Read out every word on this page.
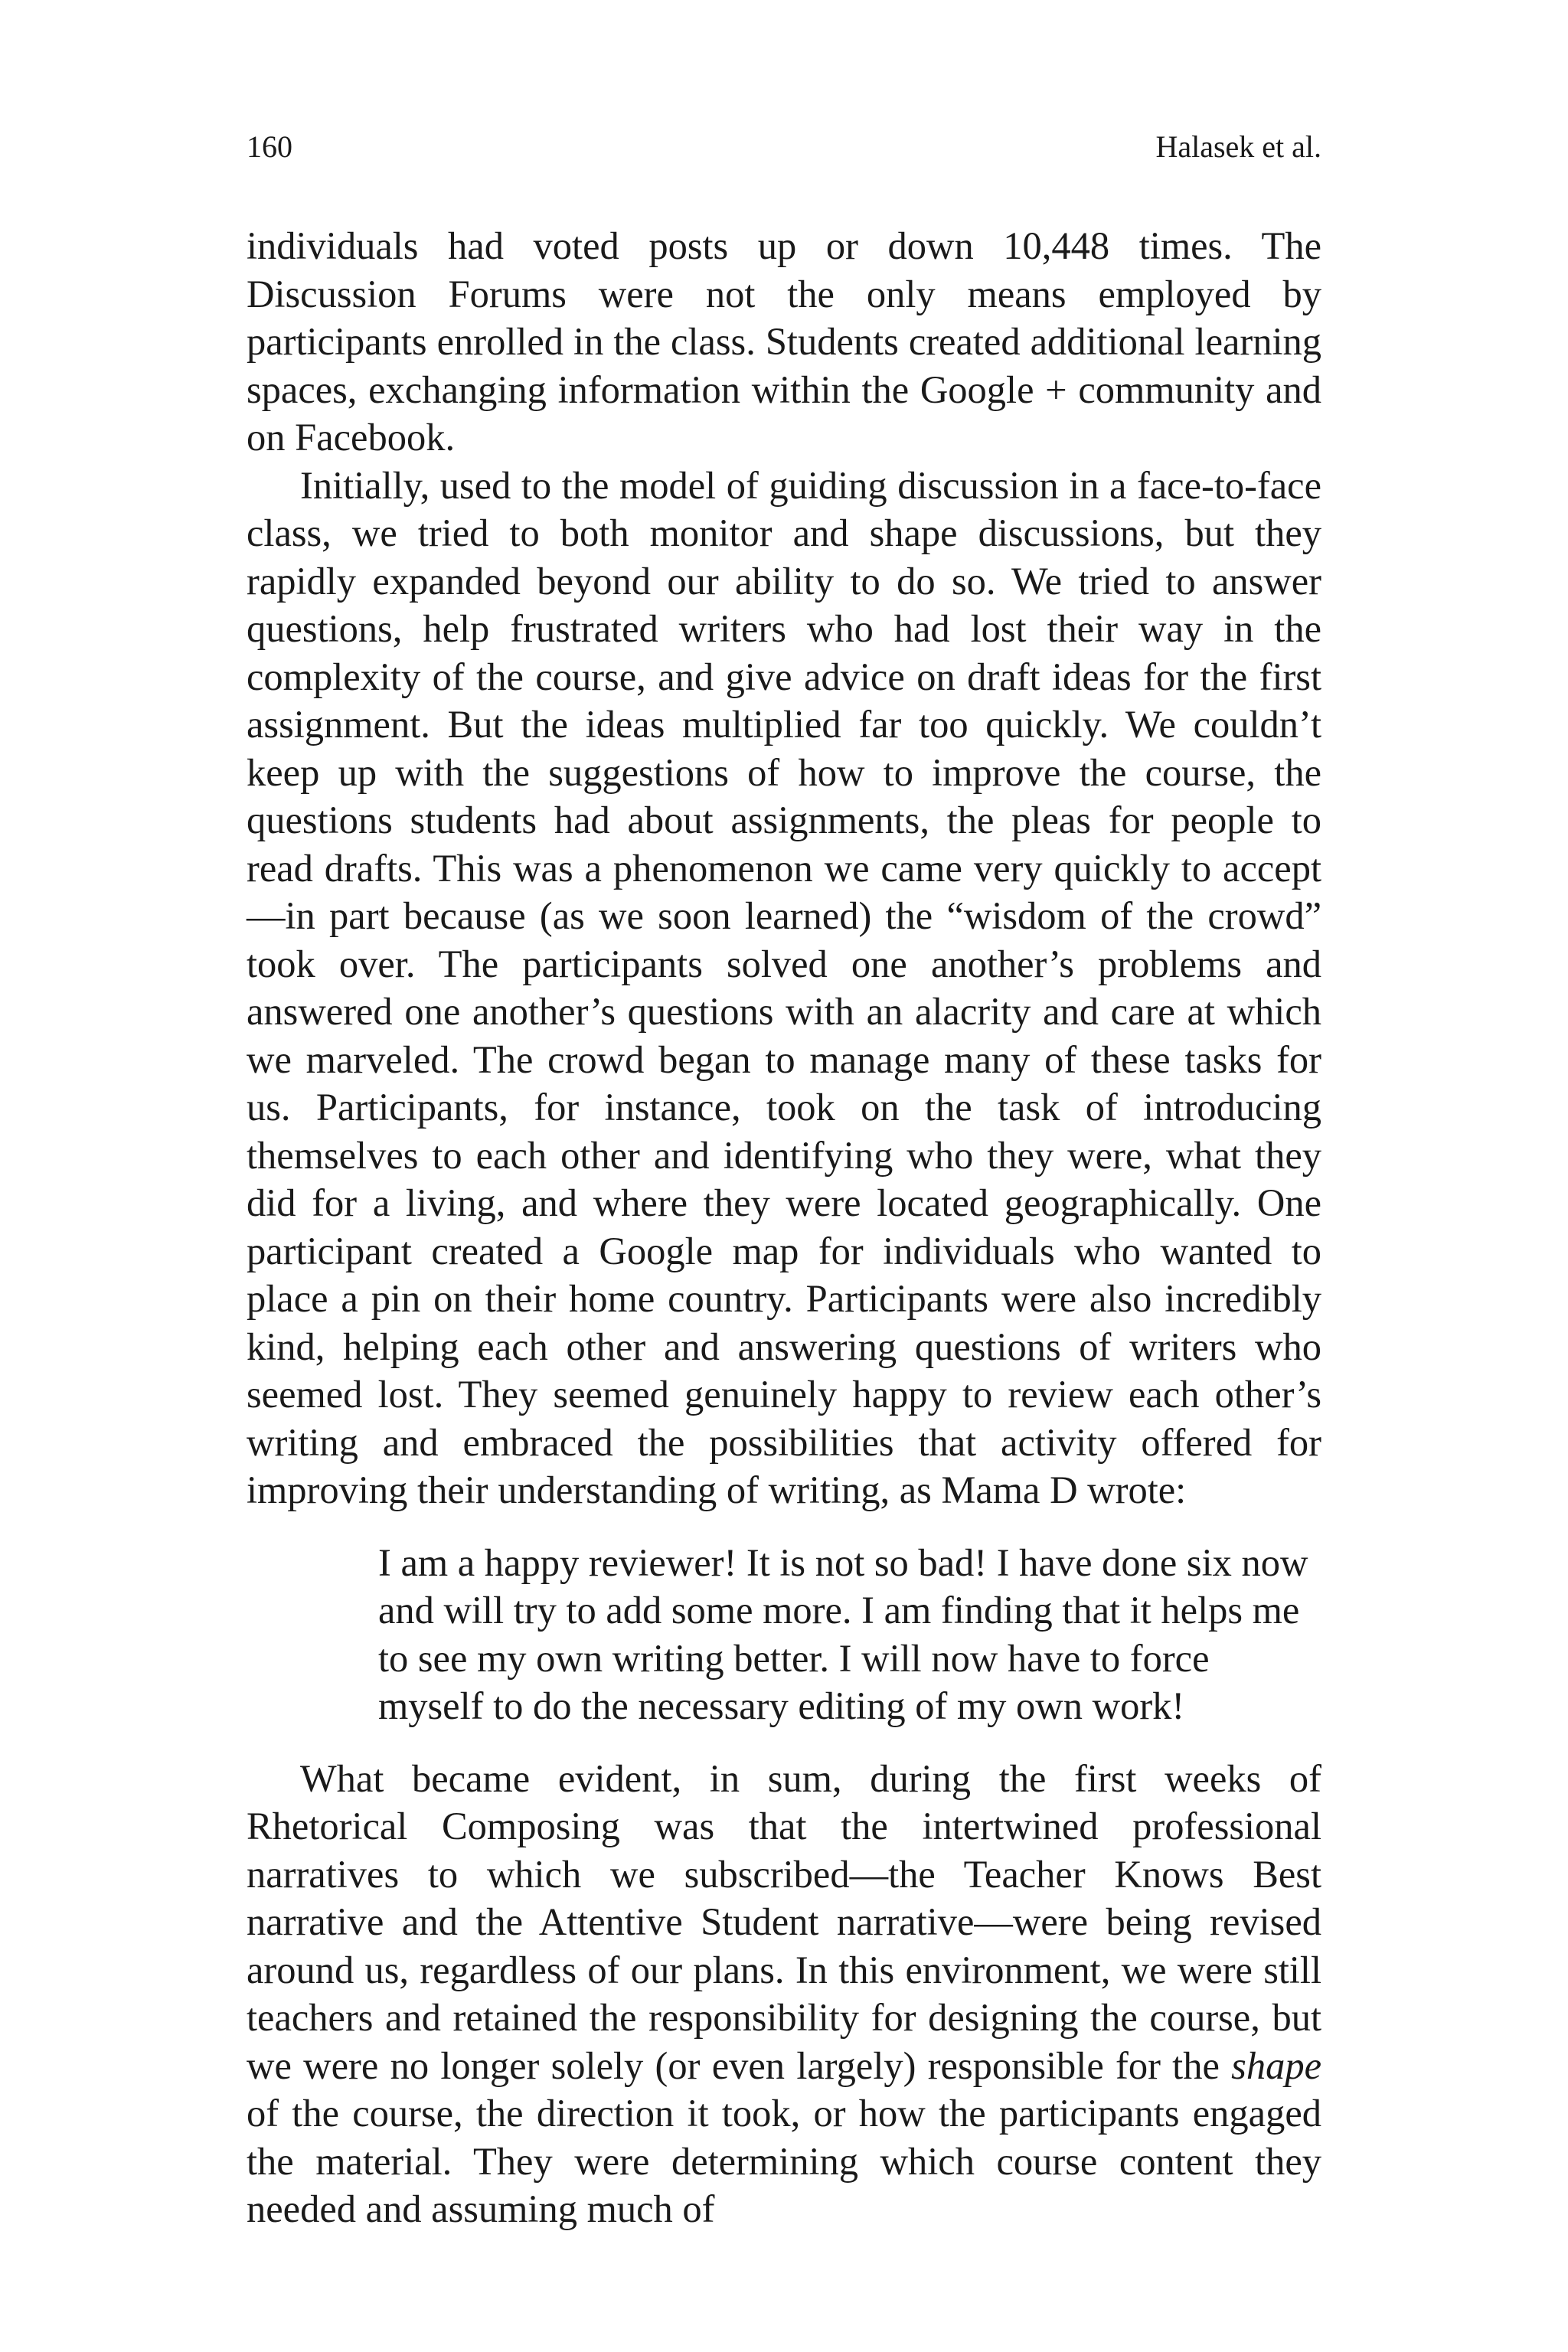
160	Halasek et al.

individuals had voted posts up or down 10,448 times. The Discussion Forums were not the only means employed by participants enrolled in the class. Students created additional learning spaces, exchanging information within the Google + community and on Facebook.

Initially, used to the model of guiding discussion in a face-to-face class, we tried to both monitor and shape discussions, but they rapidly expanded beyond our ability to do so. We tried to answer questions, help frustrated writers who had lost their way in the complexity of the course, and give advice on draft ideas for the first assignment. But the ideas multiplied far too quickly. We couldn’t keep up with the suggestions of how to improve the course, the questions students had about assignments, the pleas for people to read drafts. This was a phenomenon we came very quickly to accept—in part because (as we soon learned) the “wisdom of the crowd” took over. The participants solved one another’s problems and answered one another’s questions with an alacrity and care at which we marveled. The crowd began to manage many of these tasks for us. Participants, for instance, took on the task of introducing themselves to each other and identifying who they were, what they did for a living, and where they were located geographically. One participant created a Google map for individuals who wanted to place a pin on their home country. Participants were also incredibly kind, helping each other and answering questions of writers who seemed lost. They seemed genuinely happy to review each other’s writing and embraced the possibilities that activity offered for improving their understanding of writing, as Mama D wrote:

I am a happy reviewer! It is not so bad! I have done six now and will try to add some more. I am finding that it helps me to see my own writing better. I will now have to force myself to do the necessary editing of my own work!

What became evident, in sum, during the first weeks of Rhetorical Composing was that the intertwined professional narratives to which we subscribed—the Teacher Knows Best narrative and the Attentive Student narrative—were being revised around us, regardless of our plans. In this environment, we were still teachers and retained the responsibility for designing the course, but we were no longer solely (or even largely) responsible for the shape of the course, the direction it took, or how the participants engaged the material. They were determining which course content they needed and assuming much of
